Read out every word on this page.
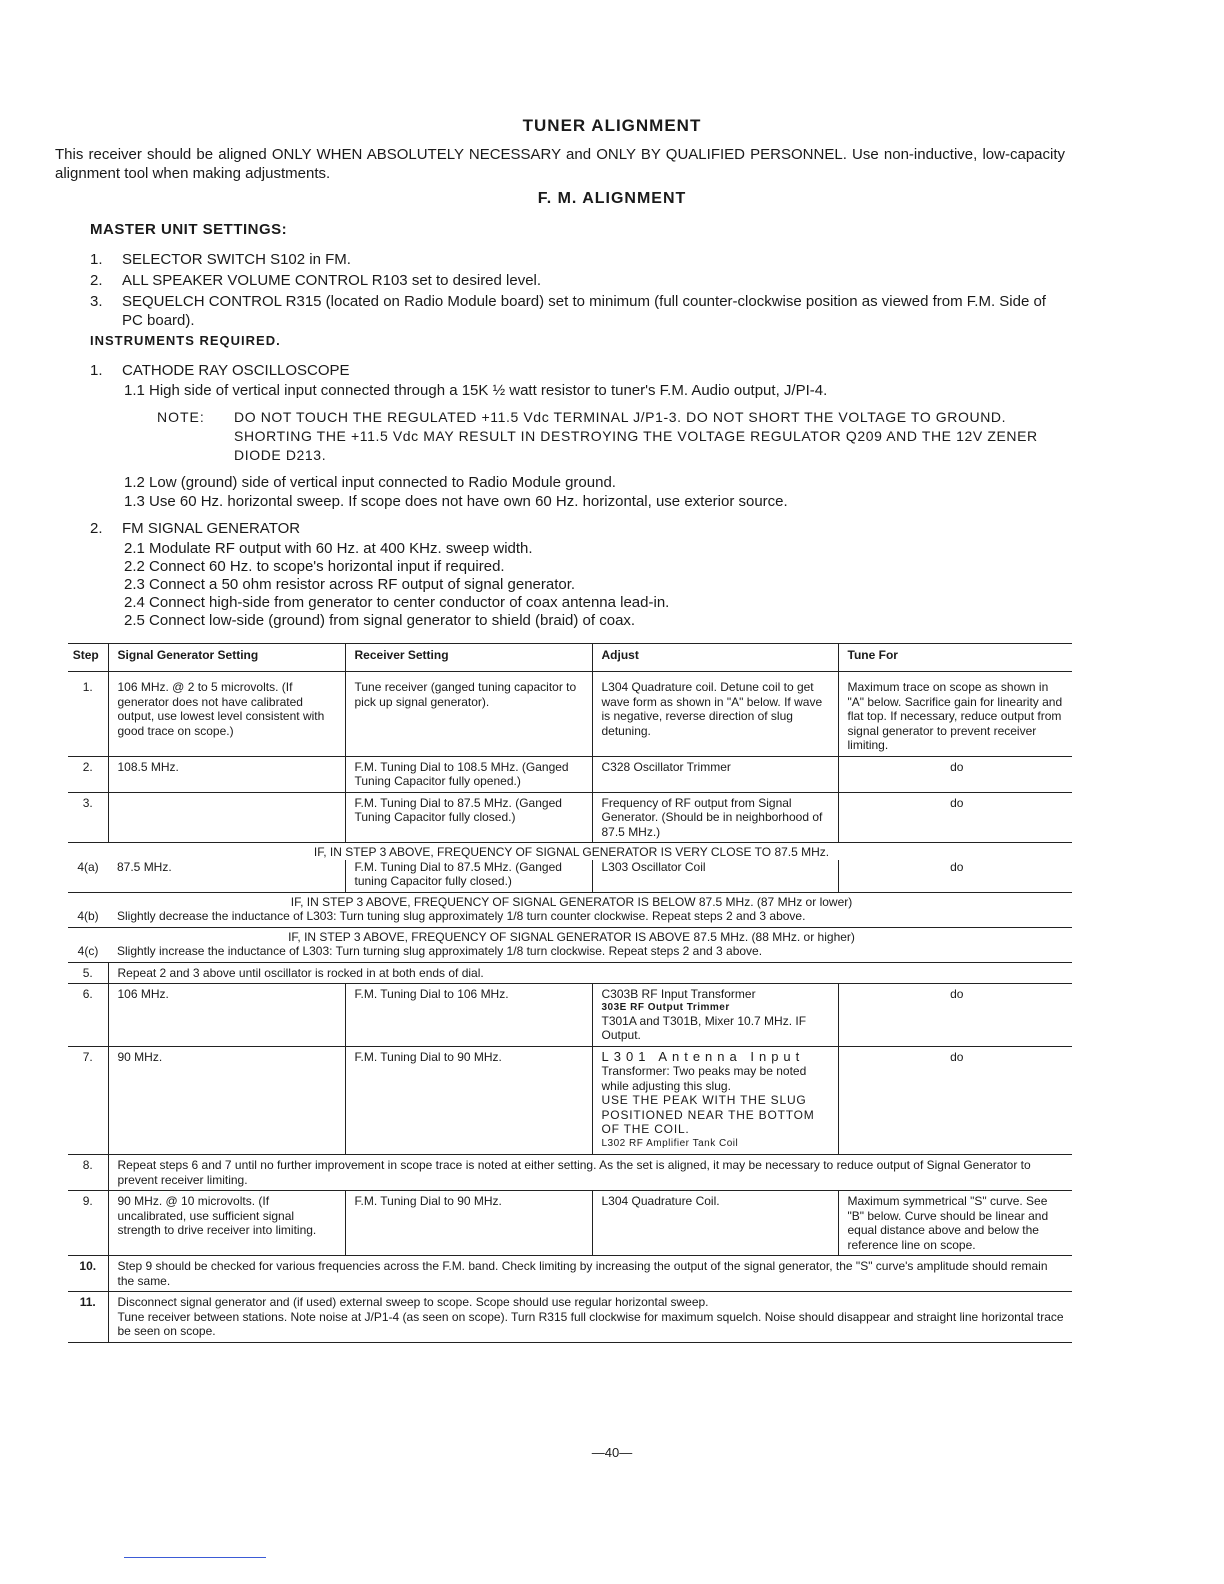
TUNER ALIGNMENT
This receiver should be aligned ONLY WHEN ABSOLUTELY NECESSARY and ONLY BY QUALIFIED PERSONNEL. Use non-inductive, low-capacity alignment tool when making adjustments.
F. M. ALIGNMENT
MASTER UNIT SETTINGS:
1. SELECTOR SWITCH S102 in FM.
2. ALL SPEAKER VOLUME CONTROL R103 set to desired level.
3. SEQUELCH CONTROL R315 (located on Radio Module board) set to minimum (full counter-clockwise position as viewed from F.M. Side of PC board).
INSTRUMENTS REQUIRED.
1. CATHODE RAY OSCILLOSCOPE
1.1 High side of vertical input connected through a 15K ½ watt resistor to tuner's F.M. Audio output, J/PI-4.
NOTE: DO NOT TOUCH THE REGULATED +11.5 Vdc TERMINAL J/P1-3. DO NOT SHORT THE VOLTAGE TO GROUND. SHORTING THE +11.5 Vdc MAY RESULT IN DESTROYING THE VOLTAGE REGULATOR Q209 AND THE 12V ZENER DIODE D213.
1.2 Low (ground) side of vertical input connected to Radio Module ground.
1.3 Use 60 Hz. horizontal sweep. If scope does not have own 60 Hz. horizontal, use exterior source.
2. FM SIGNAL GENERATOR
2.1 Modulate RF output with 60 Hz. at 400 KHz. sweep width.
2.2 Connect 60 Hz. to scope's horizontal input if required.
2.3 Connect a 50 ohm resistor across RF output of signal generator.
2.4 Connect high-side from generator to center conductor of coax antenna lead-in.
2.5 Connect low-side (ground) from signal generator to shield (braid) of coax.
Step	Signal Generator Setting	Receiver Setting	Adjust	Tune For
1.	106 MHz. @ 2 to 5 microvolts. (If generator does not have calibrated output, use lowest level consistent with good trace on scope.)	Tune receiver (ganged tuning capacitor to pick up signal generator).	L304 Quadrature coil. Detune coil to get wave form as shown in "A" below. If wave is negative, reverse direction of slug detuning.	Maximum trace on scope as shown in "A" below. Sacrifice gain for linearity and flat top. If necessary, reduce output from signal generator to prevent receiver limiting.
2.	108.5 MHz.	F.M. Tuning Dial to 108.5 MHz. (Ganged Tuning Capacitor fully opened.)	C328 Oscillator Trimmer	do
3.		F.M. Tuning Dial to 87.5 MHz. (Ganged Tuning Capacitor fully closed.)	Frequency of RF output from Signal Generator. (Should be in neighborhood of 87.5 MHz.)	do
IF, IN STEP 3 ABOVE, FREQUENCY OF SIGNAL GENERATOR IS VERY CLOSE TO 87.5 MHz.				
4(a)	87.5 MHz.	F.M. Tuning Dial to 87.5 MHz. (Ganged tuning Capacitor fully closed.)	L303 Oscillator Coil	do
IF, IN STEP 3 ABOVE, FREQUENCY OF SIGNAL GENERATOR IS BELOW 87.5 MHz. (87 MHz or lower)				
4(b)	Slightly decrease the inductance of L303: Turn tuning slug approximately 1/8 turn counter clockwise. Repeat steps 2 and 3 above.			
IF, IN STEP 3 ABOVE, FREQUENCY OF SIGNAL GENERATOR IS ABOVE 87.5 MHz. (88 MHz. or higher)				
4(c)	Slightly increase the inductance of L303: Turn turning slug approximately 1/8 turn clockwise. Repeat steps 2 and 3 above.			
5.	Repeat 2 and 3 above until oscillator is rocked in at both ends of dial.			
6.	106 MHz.	F.M. Tuning Dial to 106 MHz.	C303B RF Input Transformer
303E RF Output Trimmer
T301A and T301B, Mixer 10.7 MHz. IF Output.	do
7.	90 MHz.	F.M. Tuning Dial to 90 MHz.	L301 Antenna Input
Transformer: Two peaks may be noted while adjusting this slug.
USE THE PEAK WITH THE SLUG POSITIONED NEAR THE BOTTOM OF THE COIL.
L302 RF Amplifier Tank Coil	do
8.	Repeat steps 6 and 7 until no further improvement in scope trace is noted at either setting. As the set is aligned, it may be necessary to reduce output of Signal Generator to prevent receiver limiting.			
9.	90 MHz. @ 10 microvolts. (If uncalibrated, use sufficient signal strength to drive receiver into limiting.	F.M. Tuning Dial to 90 MHz.	L304 Quadrature Coil.	Maximum symmetrical "S" curve. See "B" below. Curve should be linear and equal distance above and below the reference line on scope.
10.	Step 9 should be checked for various frequencies across the F.M. band. Check limiting by increasing the output of the signal generator, the "S" curve's amplitude should remain the same.			
11.	Disconnect signal generator and (if used) external sweep to scope. Scope should use regular horizontal sweep.
Tune receiver between stations. Note noise at J/P1-4 (as seen on scope). Turn R315 full clockwise for maximum squelch. Noise should disappear and straight line horizontal trace be seen on scope.			
—40—
